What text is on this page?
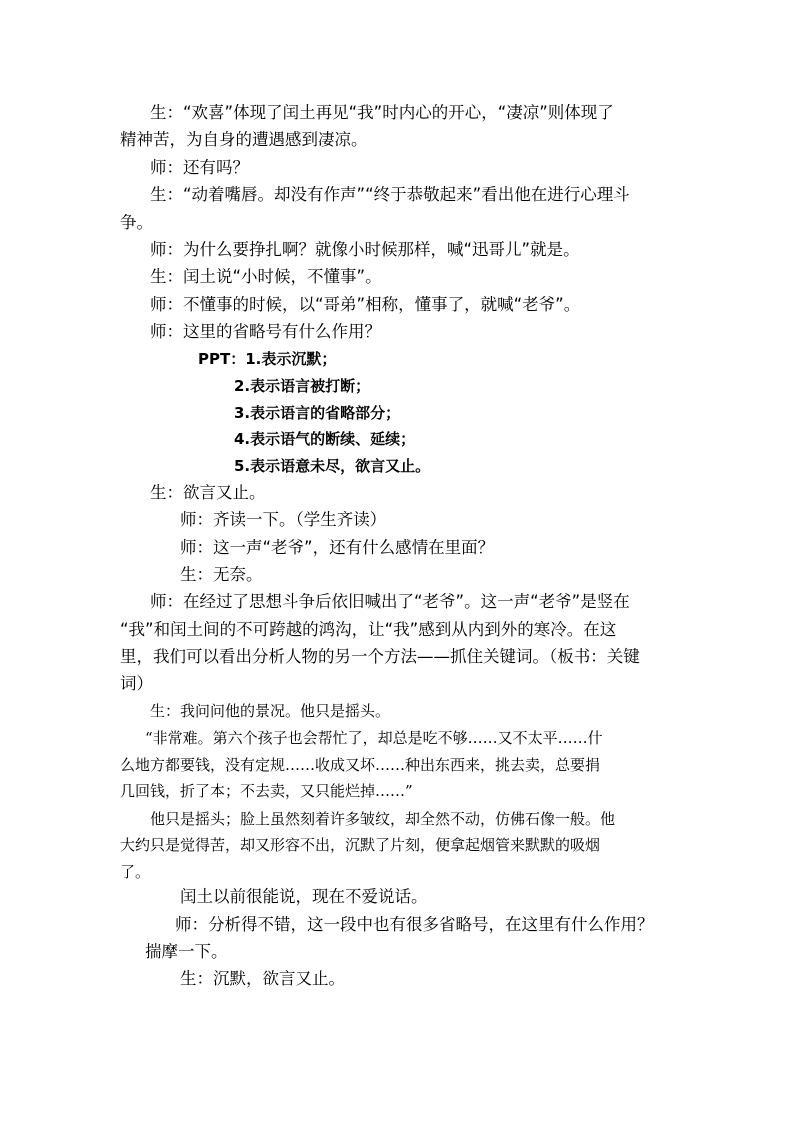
生：“欢喜”体现了闰土再见“我”时内心的开心，“凄凉”则体现了
精神苦，为自身的遭遇感到凄凉。
师：还有吗？
生：“动着嘴唇。却没有作声”“终于恭敬起来”看出他在进行心理斗
争。
师：为什么要挣扎啊？就像小时候那样，喊“迅哥儿”就是。
生：闰土说“小时候，不懂事”。
师：不懂事的时候，以“哥弟”相称，懂事了，就喊“老爷”。
师：这里的省略号有什么作用？
PPT：1.表示沉默；
2.表示语言被打断；
3.表示语言的省略部分；
4.表示语气的断续、延续；
5.表示语意未尽，欲言又止。
生：欲言又止。
师：齐读一下。（学生齐读）
师：这一声“老爷”，还有什么感情在里面？
生：无奈。
师：在经过了思想斗争后依旧喊出了“老爷”。这一声“老爷”是竖在
“我”和闰土间的不可跨越的鸿沟，让“我”感到从内到外的寒冷。在这
里，我们可以看出分析人物的另一个方法——抓住关键词。（板书：关键
词）
生：我问问他的景况。他只是摇头。
“非常难。第六个孩子也会帮忙了，却总是吃不够……又不太平……什
么地方都要钱，没有定规……收成又坏……种出东西来，挑去卖，总要捐
几回钱，折了本；不去卖，又只能烂掉……”
他只是摇头；脸上虽然刻着许多皱纹，却全然不动，仿佛石像一般。他
大约只是觉得苦，却又形容不出，沉默了片刻，便拿起烟管来默默的吸烟
了。
闰土以前很能说，现在不爱说话。
师：分析得不错，这一段中也有很多省略号，在这里有什么作用？
揣摩一下。
生：沉默，欲言又止。
